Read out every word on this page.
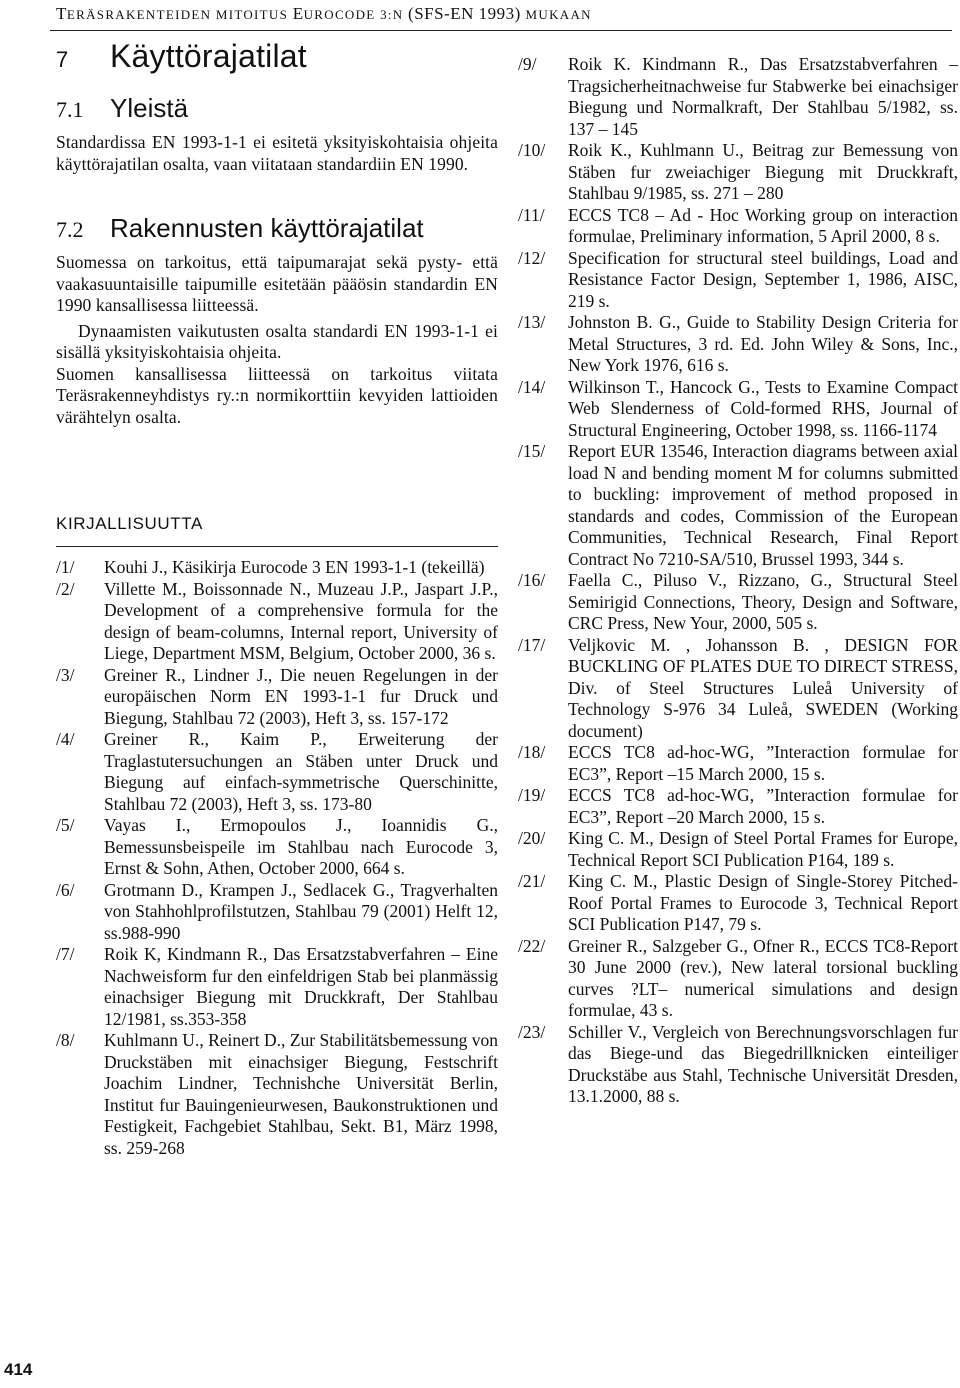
TERÄSRAKENTEIDEN MITOITUS EUROCODE 3:N (SFS-EN 1993) MUKAAN
7	Käyttörajatilat
7.1	Yleistä

Standardissa EN 1993-1-1 ei esitetä yksityiskohtaisia ohjeita käyttörajatilan osalta, vaan viitataan standardiin EN 1990.

7.2	Rakennusten käyttörajatilat

Suomessa on tarkoitus, että taipumarajat sekä pysty- että vaakasuuntaisille taipumille esitetään pääösin standardin EN 1990 kansallisessa liitteessä.

Dynaamisten vaikutusten osalta standardi EN 1993-1-1 ei sisällä yksityiskohtaisia ohjeita.

Suomen kansallisessa liitteessä on tarkoitus viitata Teräsrakenneyhdistys ry.:n normikorttiin kevyiden lattioiden värähtelyn osalta.

KIRJALLISUUTTA
/1/	Kouhi J., Käsikirja Eurocode 3 EN 1993-1-1 (tekeillä)
/2/	Villette M., Boissonnade N., Muzeau J.P., Jaspart J.P., Development of a comprehensive formula for the design of beam-columns, Internal report, University of Liege, Department MSM, Belgium, October 2000, 36 s.
/3/	Greiner R., Lindner J., Die neuen Regelungen in der europäischen Norm EN 1993-1-1 fur Druck und Biegung, Stahlbau 72 (2003), Heft 3, ss. 157-172
/4/	Greiner R., Kaim P., Erweiterung der Traglastutersuchungen an Stäben unter Druck und Biegung auf einfach-symmetrische Querschinitte, Stahlbau 72 (2003), Heft 3, ss. 173-80
/5/	Vayas I., Ermopoulos J., Ioannidis G., Bemessunsbeispeile im Stahlbau nach Eurocode 3, Ernst & Sohn, Athen, October 2000, 664 s.
/6/	Grotmann D., Krampen J., Sedlacek G., Tragverhalten von Stahhohlprofilstutzen, Stahlbau 79 (2001) Helft 12, ss.988-990
/7/	Roik K, Kindmann R., Das Ersatzstabverfahren – Eine Nachweisform fur den einfeldrigen Stab bei planmässig einachsiger Biegung mit Druckkraft, Der Stahlbau 12/1981, ss.353-358
/8/	Kuhlmann U., Reinert D., Zur Stabilitätsbemessung von Druckstäben mit einachsiger Biegung, Festschrift Joachim Lindner, Technishche Universität Berlin, Institut fur Bauingenieurwesen, Baukonstruktionen und Festigkeit, Fachgebiet Stahlbau, Sekt. B1, März 1998, ss. 259-268
/9/	Roik K. Kindmann R., Das Ersatzstabverfahren – Tragsicherheitnachweise fur Stabwerke bei einachsiger Biegung und Normalkraft, Der Stahlbau 5/1982, ss. 137 – 145
/10/	Roik K., Kuhlmann U., Beitrag zur Bemessung von Stäben fur zweiachiger Biegung mit Druckkraft, Stahlbau 9/1985, ss. 271 – 280
/11/	ECCS TC8 – Ad - Hoc Working group on interaction formulae, Preliminary information, 5 April 2000, 8 s.
/12/	Specification for structural steel buildings, Load and Resistance Factor Design, September 1, 1986, AISC, 219 s.
/13/	Johnston B. G., Guide to Stability Design Criteria for Metal Structures, 3 rd. Ed. John Wiley & Sons, Inc., New York 1976, 616 s.
/14/	Wilkinson T., Hancock G., Tests to Examine Compact Web Slenderness of Cold-formed RHS, Journal of Structural Engineering, October 1998, ss. 1166-1174
/15/	Report EUR 13546, Interaction diagrams between axial load N and bending moment M for columns submitted to buckling: improvement of method proposed in standards and codes, Commission of the European Communities, Technical Research, Final Report Contract No 7210-SA/510, Brussel 1993, 344 s.
/16/	Faella C., Piluso V., Rizzano, G., Structural Steel Semirigid Connections, Theory, Design and Software, CRC Press, New Your, 2000, 505 s.
/17/	Veljkovic M. , Johansson B. , DESIGN FOR BUCKLING OF PLATES DUE TO DIRECT STRESS, Div. of Steel Structures Luleå University of Technology S-976 34 Luleå, SWEDEN (Working document)
/18/	ECCS TC8 ad-hoc-WG, ”Interaction formulae for EC3”, Report –15 March 2000, 15 s.
/19/	ECCS TC8 ad-hoc-WG, ”Interaction formulae for EC3”, Report –20 March 2000, 15 s.
/20/	King C. M., Design of Steel Portal Frames for Europe, Technical Report SCI Publication P164, 189 s.
/21/	King C. M., Plastic Design of Single-Storey Pitched-Roof Portal Frames to Eurocode 3, Technical Report SCI Publication P147, 79 s.
/22/	Greiner R., Salzgeber G., Ofner R., ECCS TC8-Report 30 June 2000 (rev.), New lateral torsional buckling curves ?LT– numerical simulations and design formulae, 43 s.
/23/	Schiller V., Vergleich von Berechnungsvorschlagen fur das Biege-und das Biegedrillknicken einteiliger Druckstäbe aus Stahl, Technische Universität Dresden, 13.1.2000, 88 s.
414
